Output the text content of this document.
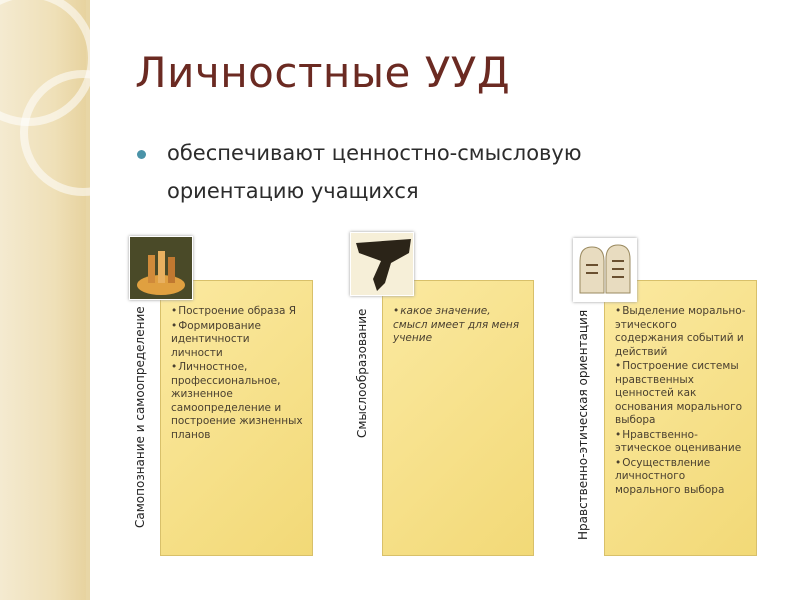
Личностные УУД
обеспечивают ценностно-смысловую ориентацию учащихся
Самопознание и самоопределение	• Построение образа Я
• Формирование идентичности личности
• Личностное, профессиональное, жизненное самоопределение и построение жизненных планов	Смыслообразование	• какое значение, смысл имеет для меня учение	Нравственно-этическая ориентация	• Выделение морально-этического содержания событий и действий
• Построение системы нравственных ценностей как основания морального выбора
• Нравственно-этическое оценивание
• Осуществление личностного морального выбора
